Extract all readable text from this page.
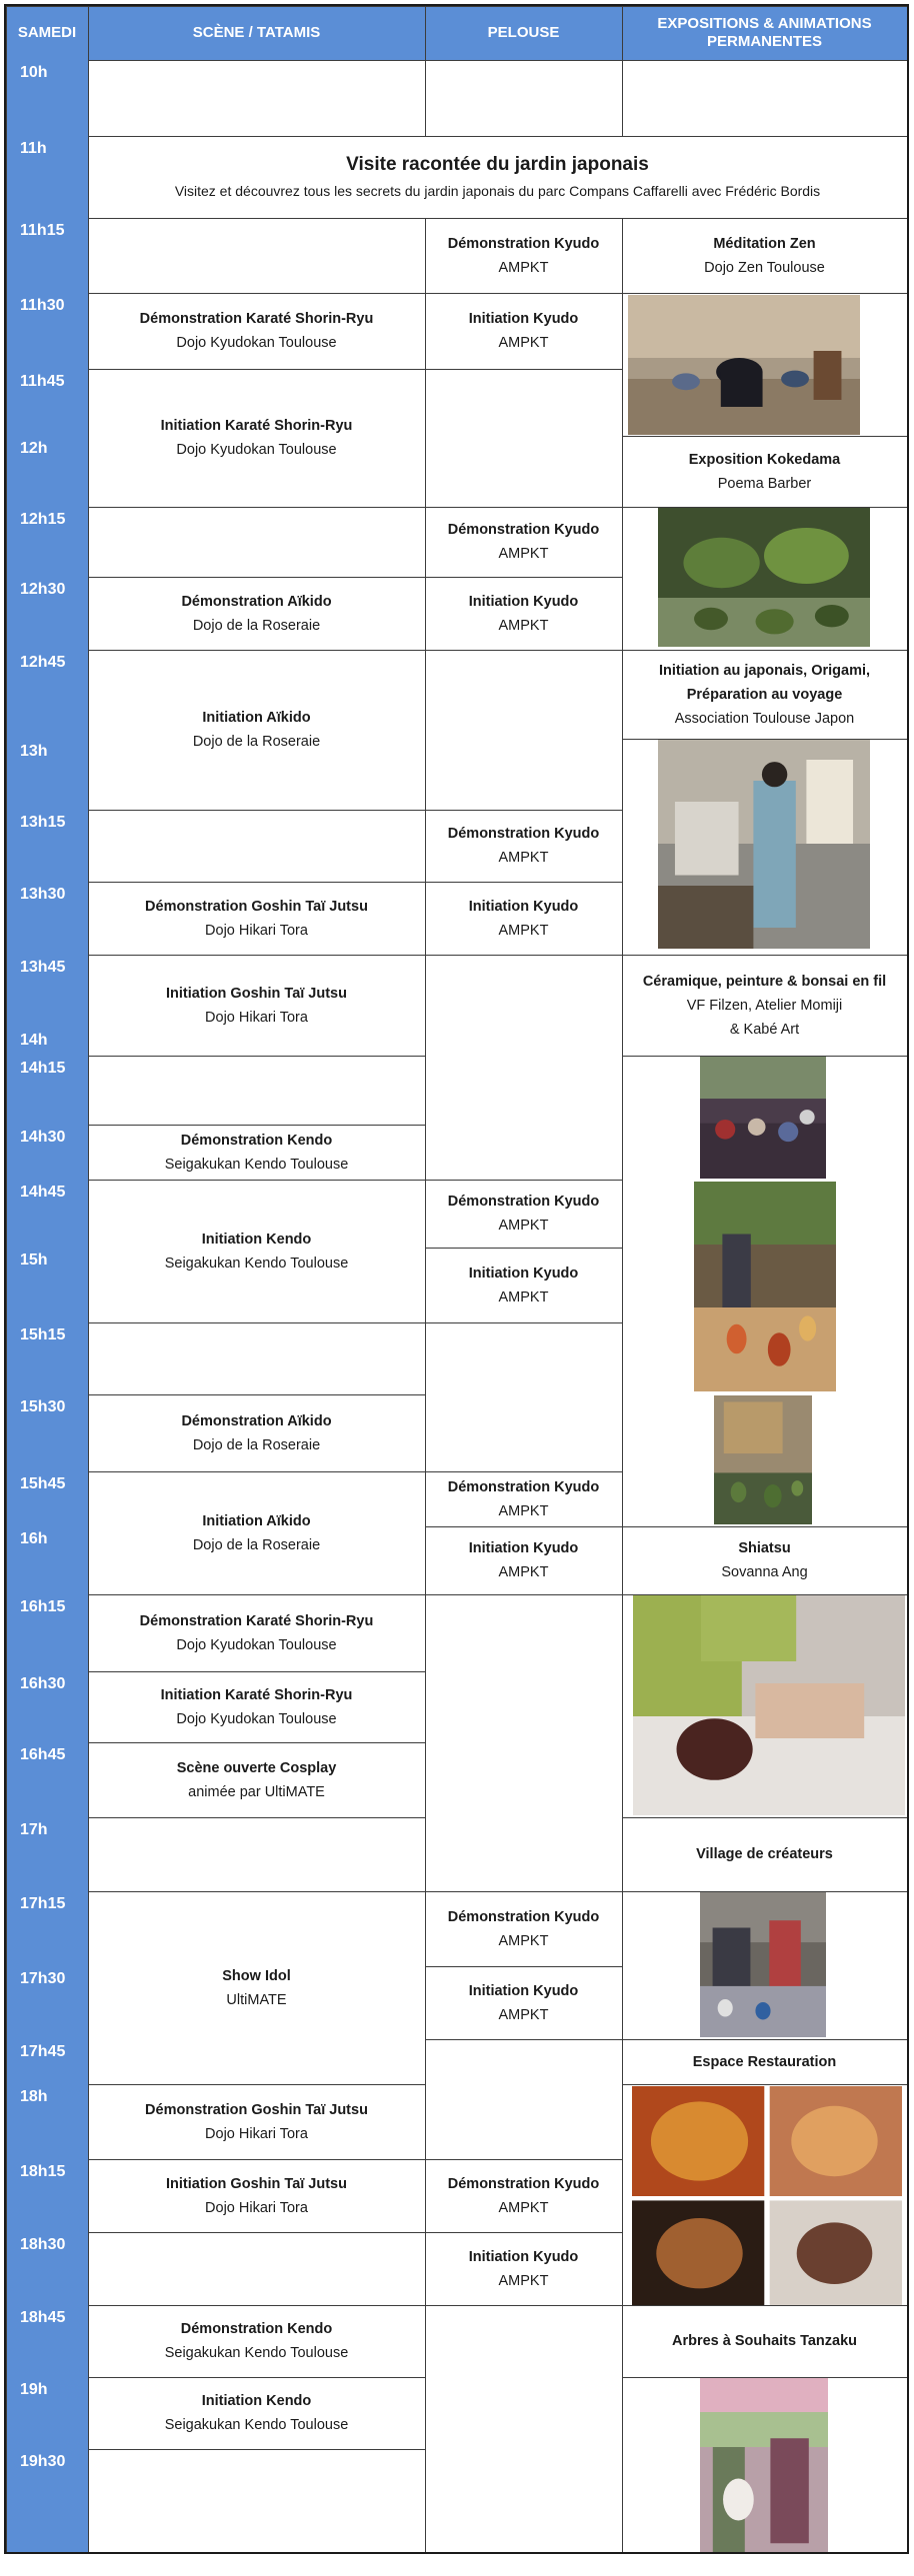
SAMEDI	SCÈNE / TATAMIS	PELOUSE
EXPOSITIONS & ANIMATIONS PERMANENTES
10h
11h
11h15
11h30
11h45
12h
12h15
12h30
12h45
13h
13h15
13h30
13h45
14h
14h15
14h30
14h45
15h
15h15
15h30
15h45
16h
16h15
16h30
16h45
17h
17h15
17h30
17h45
18h
18h15
18h30
18h45
19h
19h30
20h
Visite racontée du jardin japonais
Visitez et découvrez tous les secrets du jardin japonais du parc Compans Caffarelli avec Frédéric Bordis
Démonstration Karaté Shorin-Ryu
Dojo Kyudokan Toulouse
Initiation Karaté Shorin-Ryu
Dojo Kyudokan Toulouse
Démonstration Aïkido
Dojo de la Roseraie
Initiation Aïkido
Dojo de la Roseraie
Démonstration Goshin Taï Jutsu
Dojo Hikari Tora
Initiation Goshin Taï Jutsu
Dojo Hikari Tora
Démonstration Kendo
Seigakukan Kendo Toulouse
Initiation Kendo
Seigakukan Kendo Toulouse
Démonstration Aïkido
Dojo de la Roseraie
Initiation Aïkido
Dojo de la Roseraie
Démonstration Karaté Shorin-Ryu
Dojo Kyudokan Toulouse
Initiation Karaté Shorin-Ryu
Dojo Kyudokan Toulouse
Scène ouverte Cosplay
animée par UltiMATE
Show Idol
UltiMATE
Démonstration Goshin Taï Jutsu
Dojo Hikari Tora
Initiation Goshin Taï Jutsu
Dojo Hikari Tora
Démonstration Kendo
Seigakukan Kendo Toulouse
Initiation Kendo
Seigakukan Kendo Toulouse
Démonstration Kyudo
AMPKT
Initiation Kyudo
AMPKT
Démonstration Kyudo
AMPKT
Initiation Kyudo
AMPKT
Démonstration Kyudo
AMPKT
Initiation Kyudo
AMPKT
Démonstration Kyudo
AMPKT
Initiation Kyudo
AMPKT
Démonstration Kyudo
AMPKT
Initiation Kyudo
AMPKT
Démonstration Kyudo
AMPKT
Initiation Kyudo
AMPKT
Démonstration Kyudo
AMPKT
Initiation Kyudo
AMPKT
Méditation Zen
Dojo Zen Toulouse
Exposition Kokedama
Poema Barber
Initiation au japonais, Origami,
Préparation au voyage
Association Toulouse Japon
Céramique, peinture & bonsai en fil
VF Filzen, Atelier Momiji
& Kabé Art
Shiatsu
Sovanna Ang
Village de créateurs
Espace Restauration
Arbres à Souhaits Tanzaku
